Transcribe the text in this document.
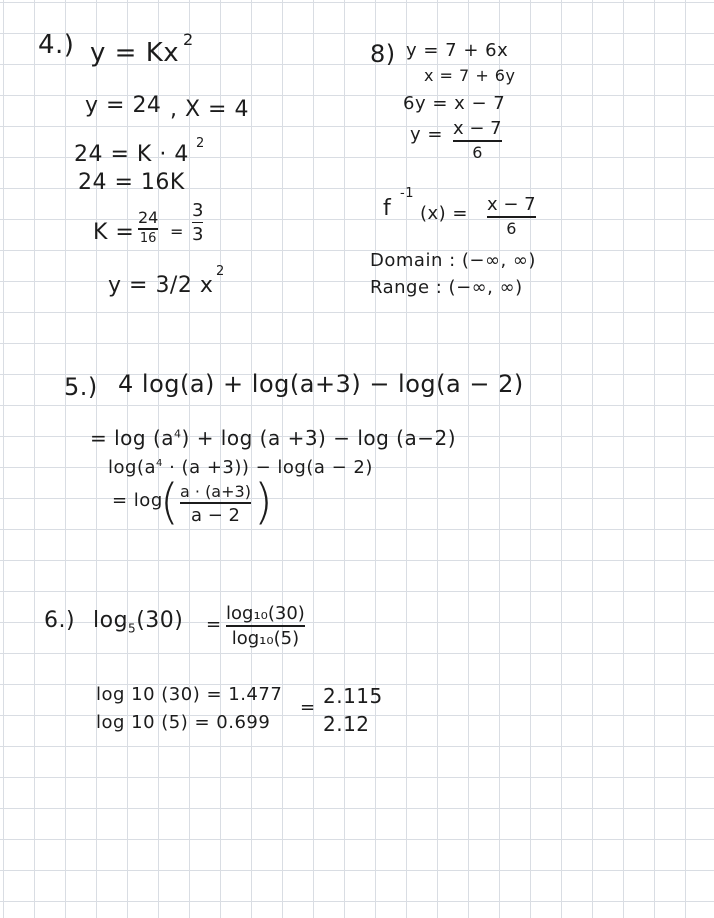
4.) y = Kx 2
y = 24 , X = 4
24 = K · 4 2
24 = 16K
K =
24
16 =
3
3
y = 3/2 x
2
8) y = 7 + 6x
x = 7 + 6y
6y = x − 7
y = x − 7
6
f
-1
(x) = x − 7
6
Domain : (−∞, ∞)
Range : (−∞, ∞)
5.) 4 log(a) + log(a+3) − log(a − 2)
= $\log (a^4) + \log (a +3) - \log (a-2)$
$\log(a^4 \cdot (a +3)) - \log(a - 2)$
= log
( a · (a+3)
a − 2 )
6.) $\log_5(30)$ =
log₁₀(30)
log₁₀(5)
log 10 (30) = 1.477
log 10 (5) = 0.699
= 2.115
2.12
